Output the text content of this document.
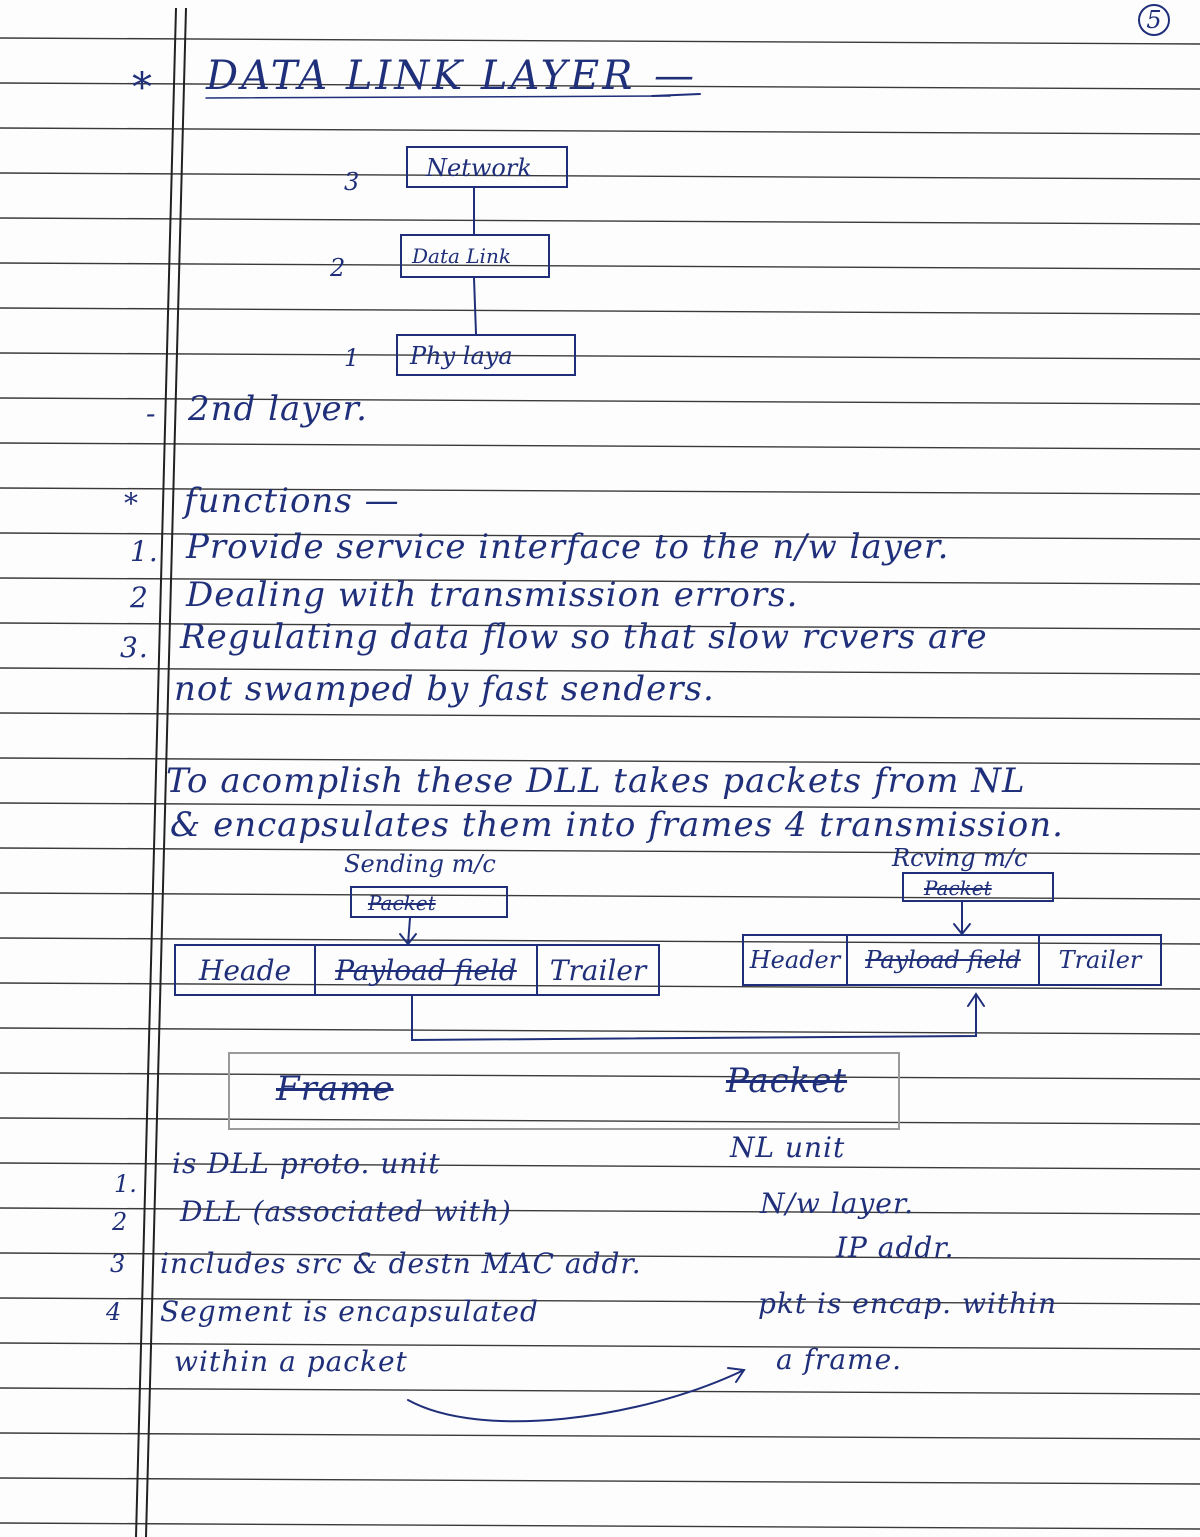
5
* DATA LINK LAYER —
3	Network
2	Data Link
1 Phy laya
- 2nd layer.
* functions —
1. Provide service interface to the n/w layer.
2 Dealing with transmission errors.
3. Regulating data flow so that slow rcvers are
not swamped by fast senders.
To acomplish these DLL takes packets from NL
& encapsulates them into frames 4 transmission.
Sending m/c
Packet
Heade	Payload field	Trailer
Rcving m/c
Packet
Header	Payload field	Trailer
Frame	Packet
1.
is DLL proto. unit	NL unit
2 DLL (associated with)	N/w layer.
3 includes src & destn MAC addr.	IP addr.
4 Segment is encapsulated	pkt is encap. within
within a packet	a frame.
